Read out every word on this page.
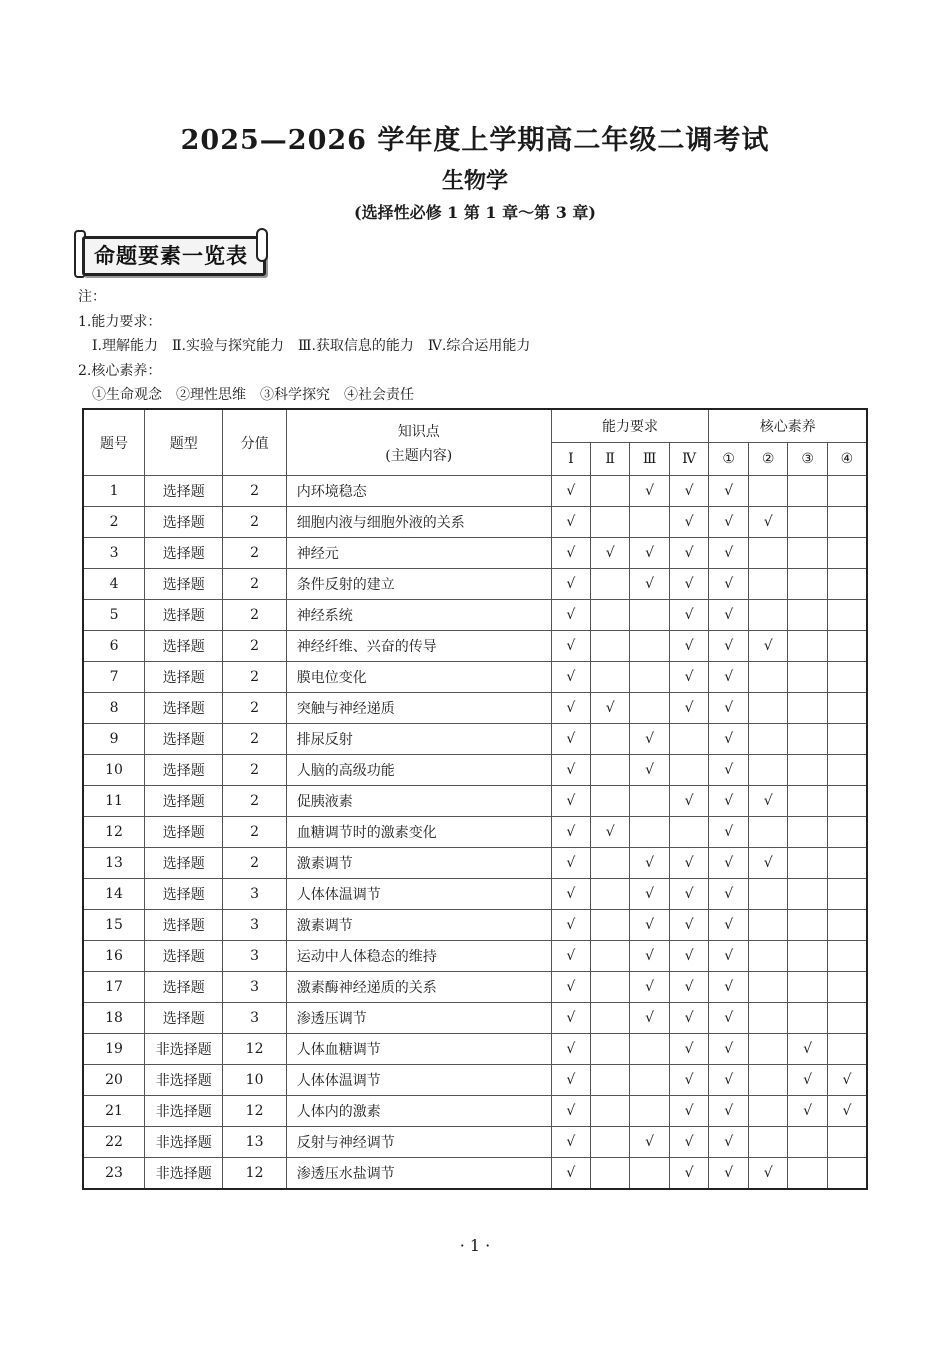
2025—2026 学年度上学期高二年级二调考试
生物学
(选择性必修 1 第 1 章～第 3 章)
命题要素一览表
注：
1.能力要求：
Ⅰ.理解能力　Ⅱ.实验与探究能力　Ⅲ.获取信息的能力　Ⅳ.综合运用能力
2.核心素养：
①生命观念　②理性思维　③科学探究　④社会责任
题号	题型	分值	知识点
(主题内容)	能力要求				核心素养			
				Ⅰ	Ⅱ	Ⅲ	Ⅳ	①	②	③	④
1	选择题	2	内环境稳态	√		√	√	√			
2	选择题	2	细胞内液与细胞外液的关系	√			√	√	√		
3	选择题	2	神经元	√	√	√	√	√			
4	选择题	2	条件反射的建立	√		√	√	√			
5	选择题	2	神经系统	√			√	√			
6	选择题	2	神经纤维、兴奋的传导	√			√	√	√		
7	选择题	2	膜电位变化	√			√	√			
8	选择题	2	突触与神经递质	√	√		√	√			
9	选择题	2	排尿反射	√		√		√			
10	选择题	2	人脑的高级功能	√		√		√			
11	选择题	2	促胰液素	√			√	√	√		
12	选择题	2	血糖调节时的激素变化	√	√			√			
13	选择题	2	激素调节	√		√	√	√	√		
14	选择题	3	人体体温调节	√		√	√	√			
15	选择题	3	激素调节	√		√	√	√			
16	选择题	3	运动中人体稳态的维持	√		√	√	√			
17	选择题	3	激素酶神经递质的关系	√		√	√	√			
18	选择题	3	渗透压调节	√		√	√	√			
19	非选择题	12	人体血糖调节	√			√	√		√	
20	非选择题	10	人体体温调节	√			√	√		√	√
21	非选择题	12	人体内的激素	√			√	√		√	√
22	非选择题	13	反射与神经调节	√		√	√	√			
23	非选择题	12	渗透压水盐调节	√			√	√	√		
· 1 ·
